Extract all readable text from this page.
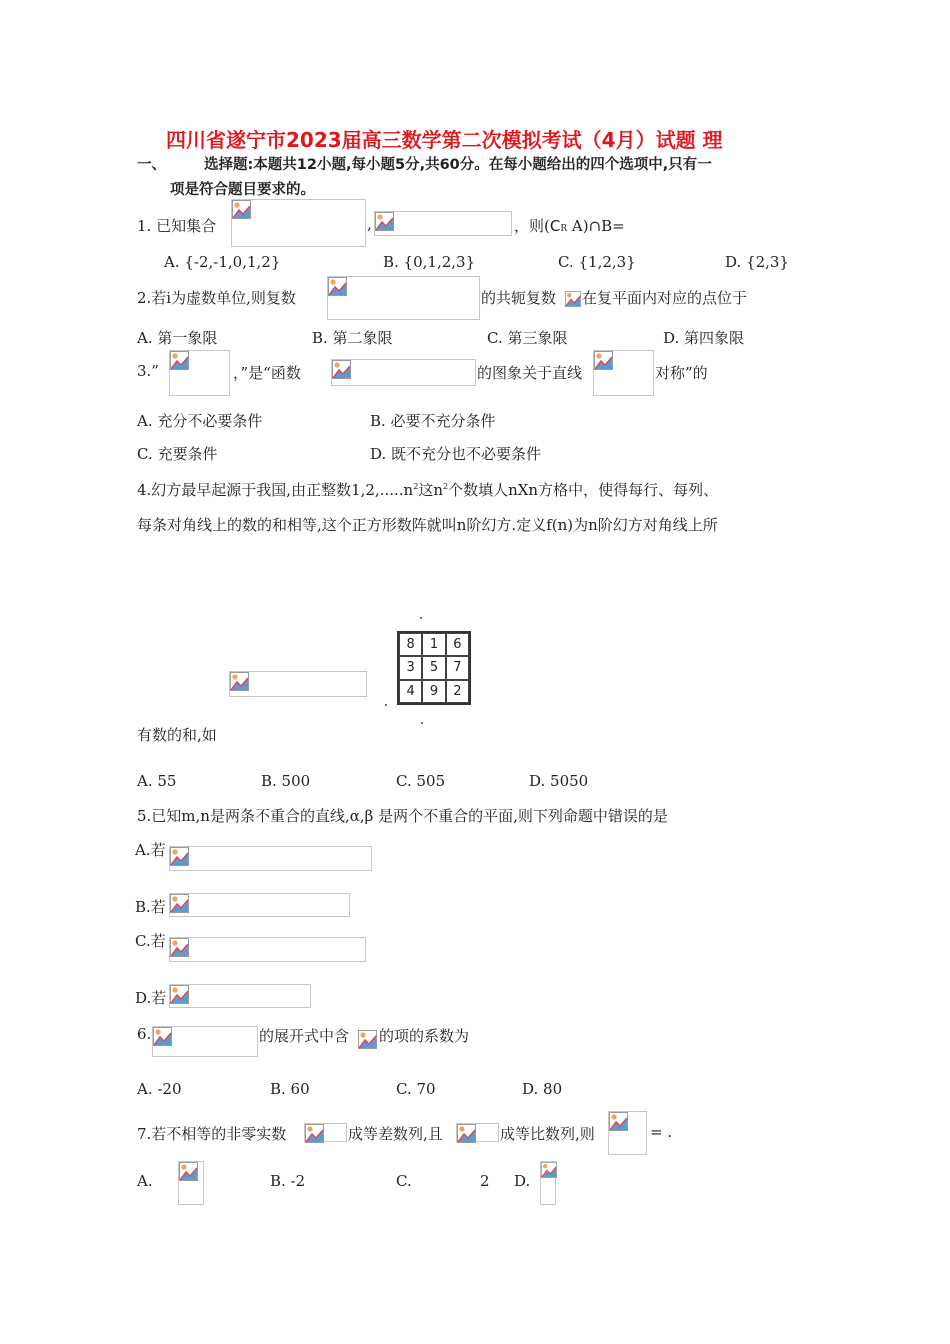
四川省遂宁市2023届高三数学第二次模拟考试（4月）试题 理
一、	选择题:本题共12小题,每小题5分,共60分。在每小题给出的四个选项中,只有一
项是符合题目要求的。
1. 已知集合	,	，则(CR A)∩B=
A. {-2,-1,0,1,2}	B. {0,1,2,3}	C. {1,2,3}	D. {2,3}
2.若i为虚数单位,则复数	的共轭复数 在复平面内对应的点位于
A. 第一象限	B. 第二象限	C. 第三象限	D. 第四象限
3.”	，”是“函数	的图象关于直线	对称”的
A. 充分不必要条件	B. 必要不充分条件
C. 充要条件	D. 既不充分也不必要条件
4.幻方最早起源于我国,由正整数$1,2,.....n^2$这$n^2$个数填人nXn方格中，使得每行、每列、
每条对角线上的数的和相等,这个正方形数阵就叫n阶幻方.定义f(n)为n阶幻方对角线上所
8	1	6
3	5	7
4	9	2
有数的和,如
A. 55	B. 500	C. 505	D. 5050
5.已知m,n是两条不重合的直线,α,β 是两个不重合的平面,则下列命题中错误的是
A.若
B.若
C.若
D.若
6.	的展开式中含 的项的系数为
A. -20	B. 60	C. 70	D. 80
7.若不相等的非零实数	成等差数列,且	成等比数列,则	= .
A.	B. -2	C.	2 D.
